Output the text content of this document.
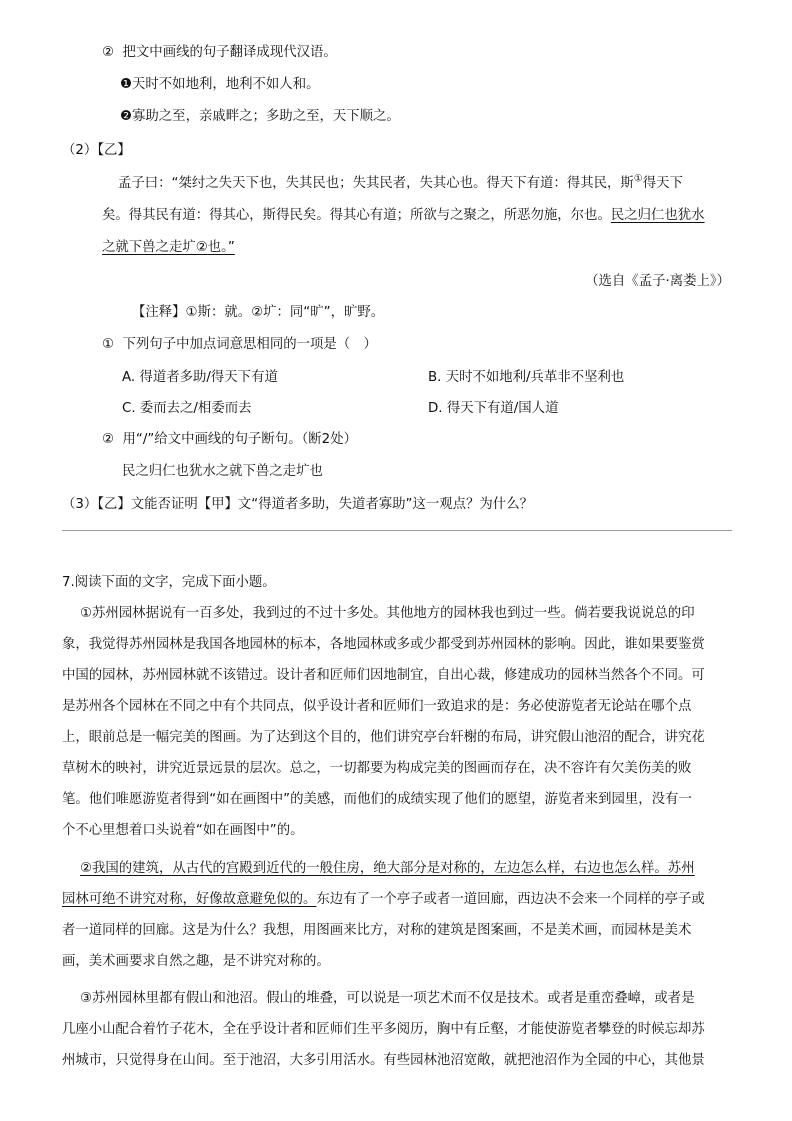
② 把文中画线的句子翻译成现代汉语。
❶天时不如地利，地利不如人和。
❷寡助之至，亲戚畔之；多助之至，天下顺之。
（2）【乙】
孟子曰：“桀纣之失天下也，失其民也；失其民者，失其心也。得天下有道：得其民，斯①得天下
矣。得其民有道：得其心，斯得民矣。得其心有道；所欲与之聚之，所恶勿施，尔也。民之归仁也犹水
之就下兽之走圹②也。”
（选自《孟子·离娄上》）
【注释】①斯：就。②圹：同“旷”，旷野。
① 下列句子中加点词意思相同的一项是（　）
A. 得道者多助/得天下有道	B. 天时不如地利/兵革非不坚利也
C. 委而去之/相委而去	D. 得天下有道/国人道
② 用“/”给文中画线的句子断句。（断2处）
民之归仁也犹水之就下兽之走圹也
（3）【乙】文能否证明【甲】文“得道者多助，失道者寡助”这一观点？为什么？
7.阅读下面的文字，完成下面小题。
①苏州园林据说有一百多处，我到过的不过十多处。其他地方的园林我也到过一些。倘若要我说说总的印
象，我觉得苏州园林是我国各地园林的标本，各地园林或多或少都受到苏州园林的影响。因此，谁如果要鉴赏
中国的园林，苏州园林就不该错过。设计者和匠师们因地制宜，自出心裁，修建成功的园林当然各个不同。可
是苏州各个园林在不同之中有个共同点，似乎设计者和匠师们一致追求的是：务必使游览者无论站在哪个点
上，眼前总是一幅完美的图画。为了达到这个目的，他们讲究亭台轩榭的布局，讲究假山池沼的配合，讲究花
草树木的映衬，讲究近景远景的层次。总之，一切都要为构成完美的图画而存在，决不容许有欠美伤美的败
笔。他们唯愿游览者得到“如在画图中”的美感，而他们的成绩实现了他们的愿望，游览者来到园里，没有一
个不心里想着口头说着“如在画图中”的。
②我国的建筑，从古代的宫殿到近代的一般住房，绝大部分是对称的，左边怎么样，右边也怎么样。苏州
园林可绝不讲究对称，好像故意避免似的。东边有了一个亭子或者一道回廊，西边决不会来一个同样的亭子或
者一道同样的回廊。这是为什么？我想，用图画来比方，对称的建筑是图案画，不是美术画，而园林是美术
画，美术画要求自然之趣，是不讲究对称的。
③苏州园林里都有假山和池沼。假山的堆叠，可以说是一项艺术而不仅是技术。或者是重峦叠嶂，或者是
几座小山配合着竹子花木，全在乎设计者和匠师们生平多阅历，胸中有丘壑，才能使游览者攀登的时候忘却苏
州城市，只觉得身在山间。至于池沼，大多引用活水。有些园林池沼宽敞，就把池沼作为全园的中心，其他景
